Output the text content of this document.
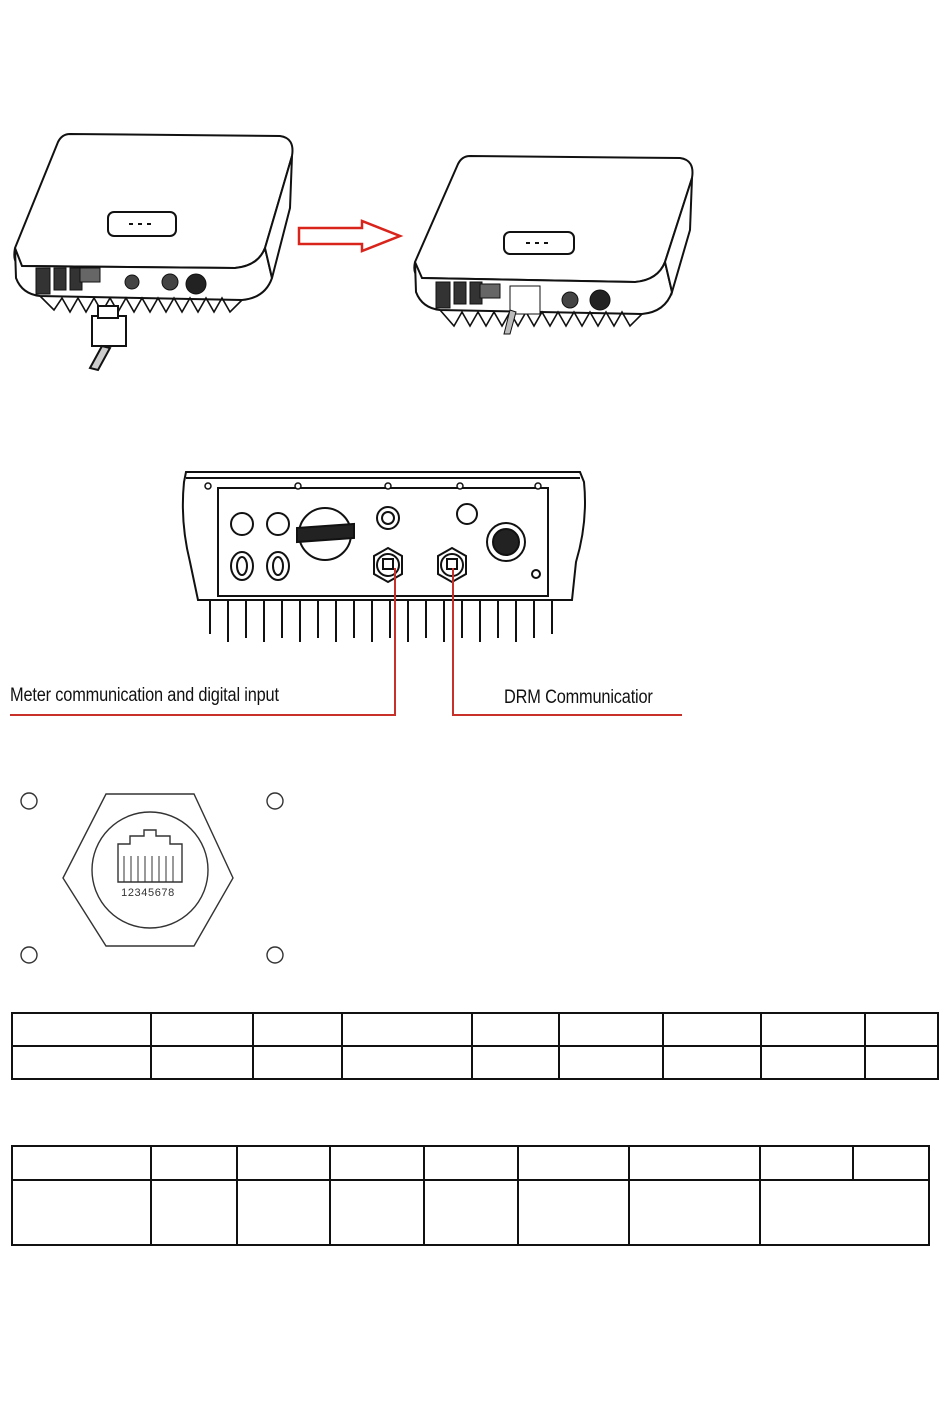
Meter communication and digital input	DRM Communicatior
12345678
